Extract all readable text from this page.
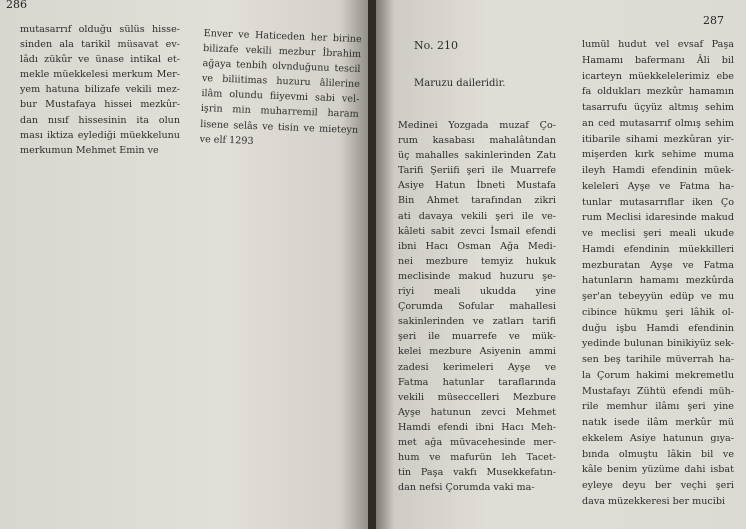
286
mutasarrıf olduğu sülüs hisse-
sinden ala tarikil müsavat ev-
lâdı zükûr ve ünase intikal et-
mekle müekkelesi merkum Mer-
yem hatuna bilizafe vekili mez-
bur Mustafaya hissei mezkûr-
dan nısıf hissesinin ita olun
ması iktiza eylediği müekkelunu
merkumun Mehmet Emin ve
Enver ve Haticeden her birine
bilizafe vekili mezbur İbrahim
ağaya tenbih olvnduğunu tescil
ve biliitimas huzuru âlilerine
ilâm olundu fiiyevmi sabi vel-
işrin min muharremil haram
lisene selâs ve tisin ve mieteyn
ve elf 1293
287
No. 210
Maruzu daileridir.
Medinei Yozgada muzaf Ço-
rum kasabası mahalâtından
üç mahalles sakinlerinden Zatı
Tarifi Şeriifi şeri ile Muarrefe
Asiye Hatun İbneti Mustafa
Bin Ahmet tarafından zikri
ati davaya vekili şeri ile ve-
kâleti sabit zevci İsmail efendi
ibni Hacı Osman Ağa Medi-
nei mezbure temyiz hukuk
meclisinde makud huzuru şe-
riyi meali ukudda yine
Çorumda Sofular mahallesi
sakinlerinden ve zatları tarifi
şeri ile muarrefe ve mük-
kelei mezbure Asiyenin ammi
zadesi kerimeleri Ayşe ve
Fatma hatunlar taraflarında
vekili müseccelleri Mezbure
Ayşe hatunun zevci Mehmet
Hamdi efendi ibni Hacı Meh-
met ağa müvacehesinde mer-
hum ve mafurün leh Tacet-
tin Paşa vakfı Musekkefatın-
dan nefsi Çorumda vaki ma-
lumül hudut vel evsaf Paşa
Hamamı bafermanı Âli bil
icarteyn müekkelelerimiz ebe
fa oldukları mezkûr hamamın
tasarrufu üçyüz altmış sehim
an ced mutasarrıf olmış sehim
itibarile sihami mezkûran yir-
mişerden kırk sehime muma
ileyh Hamdi efendinin müek-
keleleri Ayşe ve Fatma ha-
tunlar mutasarrıflar iken Ço
rum Meclisi idaresinde makud
ve meclisi şeri meali ukude
Hamdi efendinin müekkilleri
mezburatan Ayşe ve Fatma
hatunların hamamı mezkûrda
şer'an tebeyyün edüp ve mu
cibince hükmu şeri lâhik ol-
duğu işbu Hamdi efendinin
yedinde bulunan binikiyüz sek-
sen beş tarihile müverrah ha-
la Çorum hakimi mekremetlu
Mustafayı Zühtü efendi müh-
rile memhur ilâmı şeri yine
natık isede ilâm merkûr mü
ekkelem Asiye hatunun gıya-
bında olmuştu lâkin bil ve
kâle benim yüzüme dahi isbat
eyleye deyu ber veçhi şeri
dava müzekkeresi ber mucibi
